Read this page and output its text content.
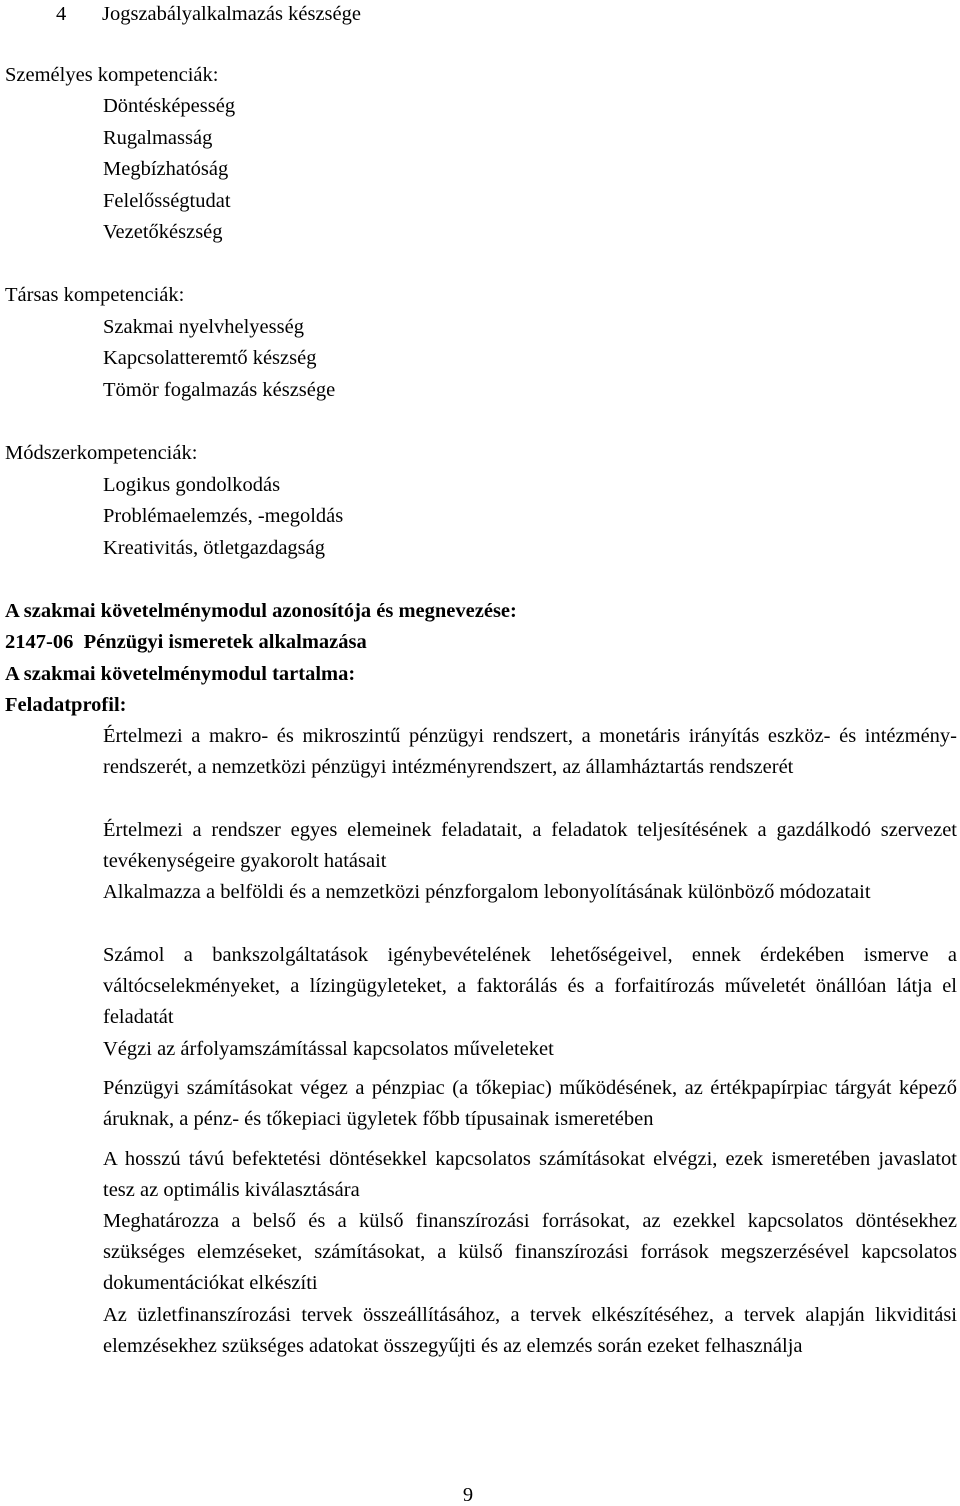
4 Jogszabályalkalmazás készsége
Személyes kompetenciák:
Döntésképesség
Rugalmasság
Megbízhatóság
Felelősségtudat
Vezetőkészség
Társas kompetenciák:
Szakmai nyelvhelyesség
Kapcsolatteremtő készség
Tömör fogalmazás készsége
Módszerkompetenciák:
Logikus gondolkodás
Problémaelemzés, -megoldás
Kreativitás, ötletgazdagság
A szakmai követelménymodul azonosítója és megnevezése:
2147-06  Pénzügyi ismeretek alkalmazása
A szakmai követelménymodul tartalma:
Feladatprofil:

Értelmezi a makro- és mikroszintű pénzügyi rendszert, a monetáris irányítás eszköz- és intézmény-rendszerét, a nemzetközi pénzügyi intézményrendszert, az államháztartás rendszerét

Értelmezi a rendszer egyes elemeinek feladatait, a feladatok teljesítésének a gazdálkodó szervezet tevékenységeire gyakorolt hatásait

Alkalmazza a belföldi és a nemzetközi pénzforgalom lebonyolításának különböző módozatait

Számol a bankszolgáltatások igénybevételének lehetőségeivel, ennek érdekében ismerve a váltócselekményeket, a lízingügyleteket, a faktorálás és a forfaitírozás műveletét önállóan látja el feladatát

Végzi az árfolyamszámítással kapcsolatos műveleteket

Pénzügyi számításokat végez a pénzpiac (a tőkepiac) működésének, az értékpapírpiac tárgyát képező áruknak, a pénz- és tőkepiaci ügyletek főbb típusainak ismeretében

A hosszú távú befektetési döntésekkel kapcsolatos számításokat elvégzi, ezek ismeretében javaslatot tesz az optimális kiválasztására

Meghatározza a belső és a külső finanszírozási forrásokat, az ezekkel kapcsolatos döntésekhez szükséges elemzéseket, számításokat, a külső finanszírozási források megszerzésével kapcsolatos dokumentációkat elkészíti

Az üzletfinanszírozási tervek összeállításához, a tervek elkészítéséhez, a tervek alapján likviditási elemzésekhez szükséges adatokat összegyűjti és az elemzés során ezeket felhasználja

9
